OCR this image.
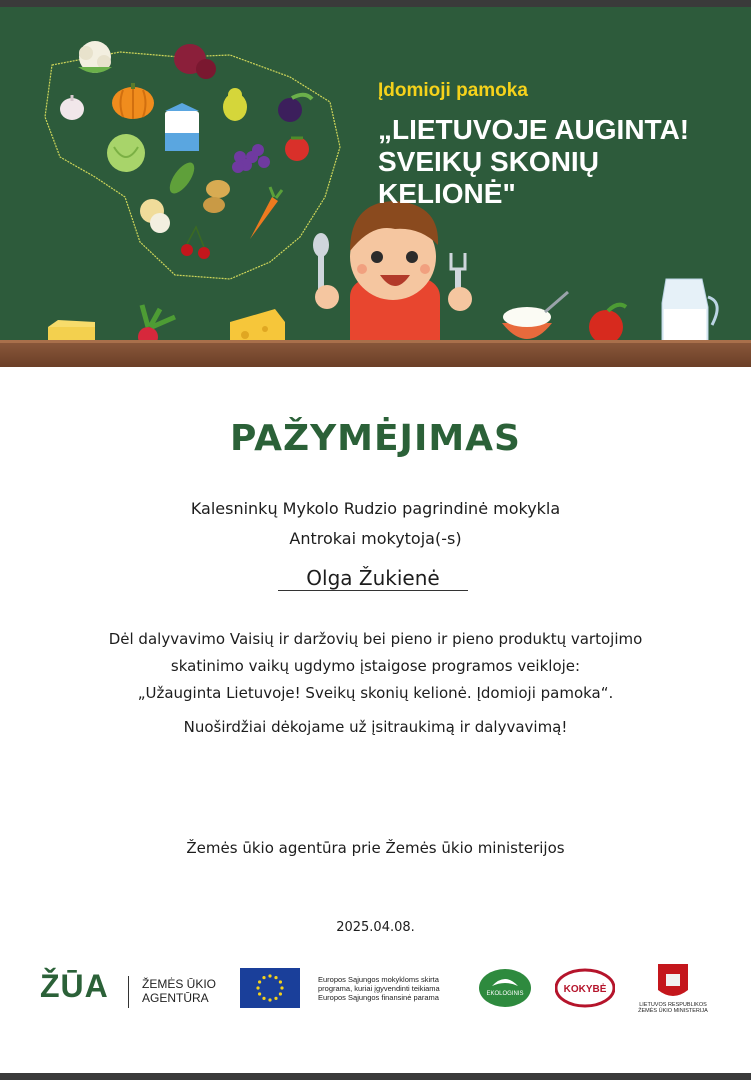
Įdomioji pamoka
„LIETUVOJE AUGINTA!
SVEIKŲ SKONIŲ KELIONĖ"
PAŽYMĖJIMAS
Kalesninkų Mykolo Rudzio pagrindinė mokykla
Antrokai mokytoja(-s)
Olga Žukienė
Dėl dalyvavimo Vaisių ir daržovių bei pieno ir pieno produktų vartojimo
skatinimo vaikų ugdymo įstaigose programos veikloje:
„Užauginta Lietuvoje! Sveikų skonių kelionė. Įdomioji pamoka“.
Nuoširdžiai dėkojame už įsitraukimą ir dalyvavimą!
Žemės ūkio agentūra prie Žemės ūkio ministerijos
2025.04.08.
ŽŪA	ŽEMĖS ŪKIO
AGENTŪRA
Europos Sąjungos mokykloms skirta
programa, kuriai įgyvendinti teikiama
Europos Sąjungos finansinė parama	EKOLOGINIS	KOKYBĖ
LIETUVOS RESPUBLIKOS
ŽEMĖS ŪKIO MINISTERIJA
